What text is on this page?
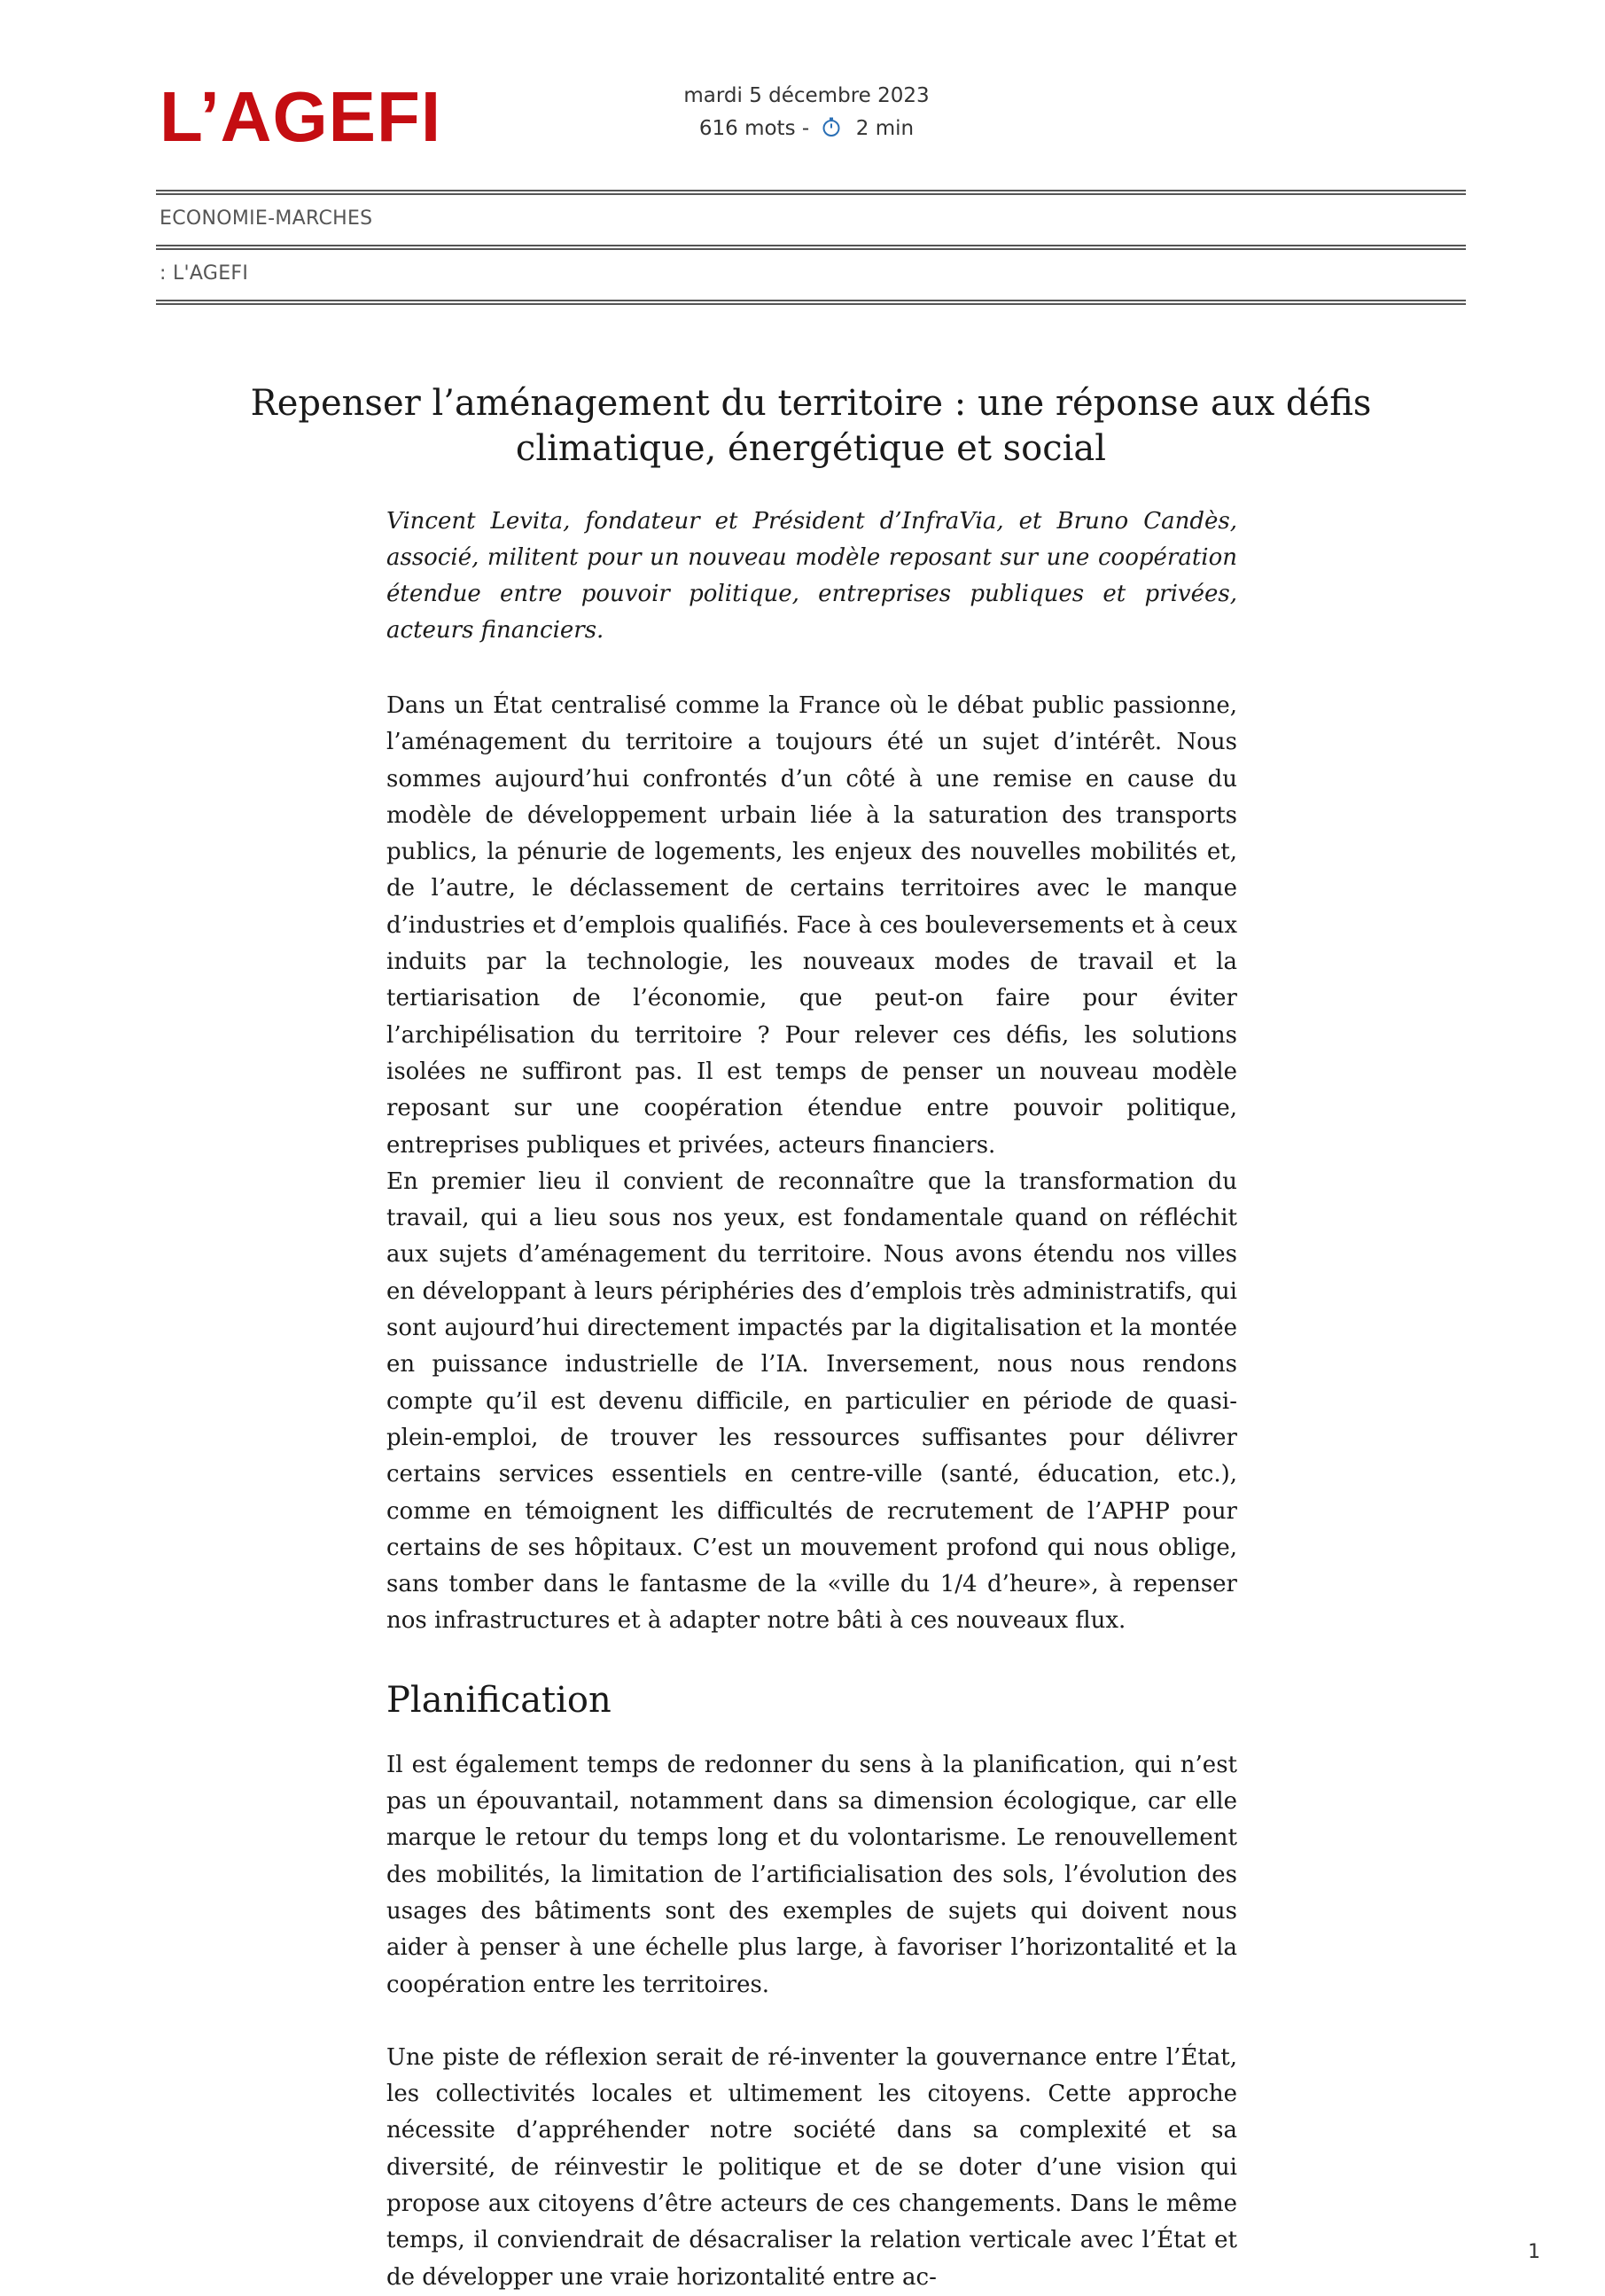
L’AGEFI	mardi 5 décembre 2023
616 mots - 2 min
ECONOMIE-MARCHES
: L'AGEFI
Repenser l’aménagement du territoire : une réponse aux défis climatique, énergétique et social

Vincent Levita, fondateur et Président d’InfraVia, et Bruno Candès, associé, militent pour un nouveau modèle reposant sur une coopération étendue entre pouvoir politique, entreprises publiques et privées, acteurs financiers.

Dans un État centralisé comme la France où le débat public passionne, l’aménagement du territoire a toujours été un sujet d’intérêt. Nous sommes aujourd’hui confrontés d’un côté à une remise en cause du modèle de développement urbain liée à la saturation des transports publics, la pénurie de logements, les enjeux des nouvelles mobilités et, de l’autre, le déclassement de certains territoires avec le manque d’industries et d’emplois qualifiés. Face à ces bouleversements et à ceux induits par la technologie, les nouveaux modes de travail et la tertiarisation de l’économie, que peut-on faire pour éviter l’archipélisation du territoire ? Pour relever ces défis, les solutions isolées ne suffiront pas. Il est temps de penser un nouveau modèle reposant sur une coopération étendue entre pouvoir politique, entreprises publiques et privées, acteurs financiers.

En premier lieu il convient de reconnaître que la transformation du travail, qui a lieu sous nos yeux, est fondamentale quand on réfléchit aux sujets d’aménagement du territoire. Nous avons étendu nos villes en développant à leurs périphéries des d’emplois très administratifs, qui sont aujourd’hui directement impactés par la digitalisation et la montée en puissance industrielle de l’IA. Inversement, nous nous rendons compte qu’il est devenu difficile, en particulier en période de quasi-plein-emploi, de trouver les ressources suffisantes pour délivrer certains services essentiels en centre-ville (santé, éducation, etc.), comme en témoignent les difficultés de recrutement de l’APHP pour certains de ses hôpitaux. C’est un mouvement profond qui nous oblige, sans tomber dans le fantasme de la «ville du 1/4 d’heure», à repenser nos infrastructures et à adapter notre bâti à ces nouveaux flux.

Planification

Il est également temps de redonner du sens à la planification, qui n’est pas un épouvantail, notamment dans sa dimension écologique, car elle marque le retour du temps long et du volontarisme. Le renouvellement des mobilités, la limitation de l’artificialisation des sols, l’évolution des usages des bâtiments sont des exemples de sujets qui doivent nous aider à penser à une échelle plus large, à favoriser l’horizontalité et la coopération entre les territoires.

Une piste de réflexion serait de ré-inventer la gouvernance entre l’État, les collectivités locales et ultimement les citoyens. Cette approche nécessite d’appréhender notre société dans sa complexité et sa diversité, de réinvestir le politique et de se doter d’une vision qui propose aux citoyens d’être acteurs de ces changements. Dans le même temps, il conviendrait de désacraliser la relation verticale avec l’État et de développer une vraie horizontalité entre ac-

1
